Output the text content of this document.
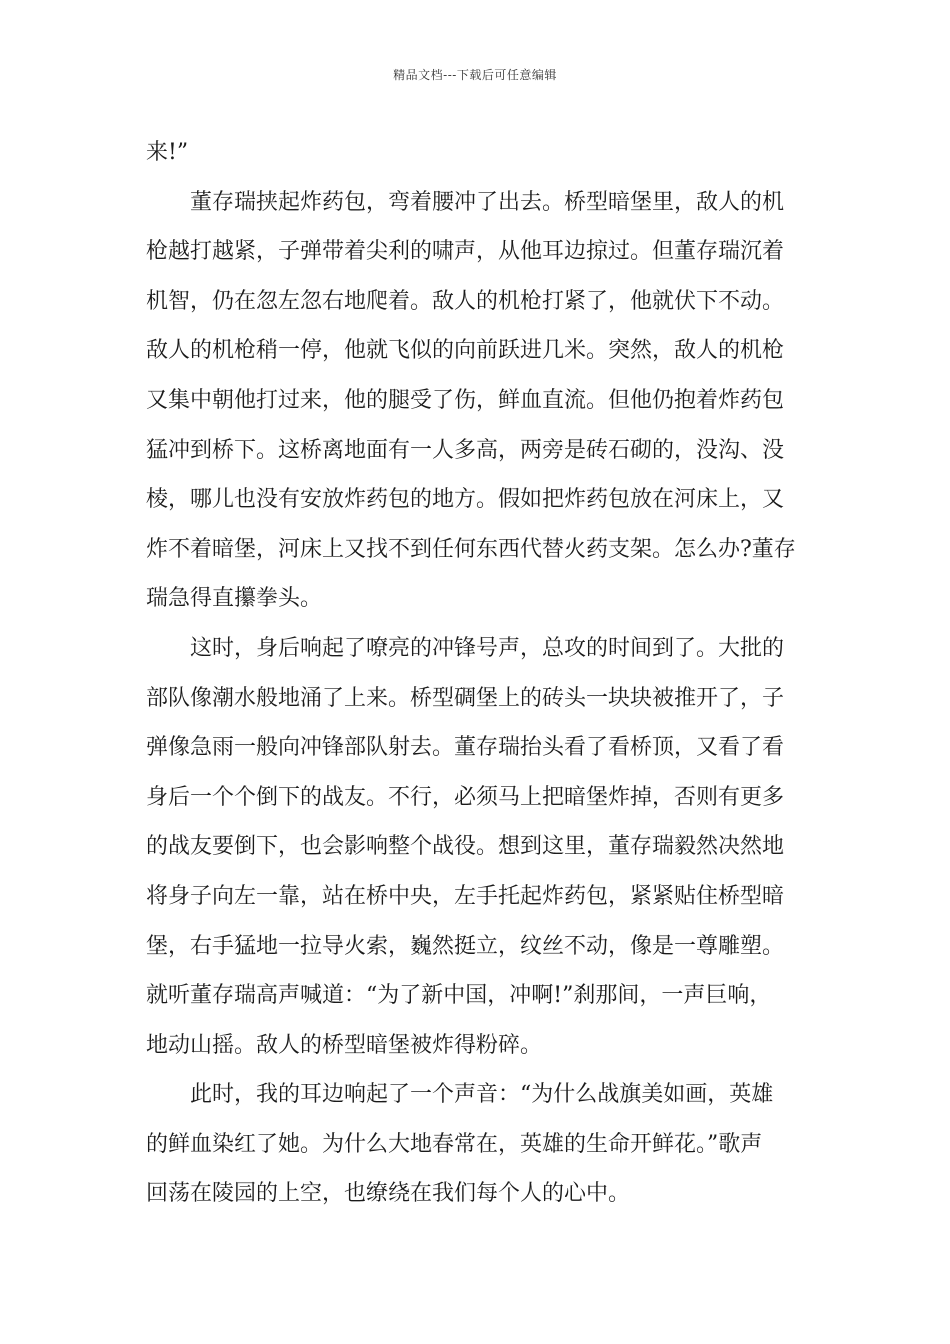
精品文档---下载后可任意编辑
来!”
董存瑞挟起炸药包，弯着腰冲了出去。桥型暗堡里，敌人的机
枪越打越紧，子弹带着尖利的啸声，从他耳边掠过。但董存瑞沉着
机智，仍在忽左忽右地爬着。敌人的机枪打紧了，他就伏下不动。
敌人的机枪稍一停，他就飞似的向前跃进几米。突然，敌人的机枪
又集中朝他打过来，他的腿受了伤，鲜血直流。但他仍抱着炸药包
猛冲到桥下。这桥离地面有一人多高，两旁是砖石砌的，没沟、没
棱，哪儿也没有安放炸药包的地方。假如把炸药包放在河床上，又
炸不着暗堡，河床上又找不到任何东西代替火药支架。怎么办?董存
瑞急得直攥拳头。
这时，身后响起了嘹亮的冲锋号声，总攻的时间到了。大批的
部队像潮水般地涌了上来。桥型碉堡上的砖头一块块被推开了，子
弹像急雨一般向冲锋部队射去。董存瑞抬头看了看桥顶，又看了看
身后一个个倒下的战友。不行，必须马上把暗堡炸掉，否则有更多
的战友要倒下，也会影响整个战役。想到这里，董存瑞毅然决然地
将身子向左一靠，站在桥中央，左手托起炸药包，紧紧贴住桥型暗
堡，右手猛地一拉导火索，巍然挺立，纹丝不动，像是一尊雕塑。
就听董存瑞高声喊道：“为了新中国，冲啊!”刹那间，一声巨响，
地动山摇。敌人的桥型暗堡被炸得粉碎。
此时，我的耳边响起了一个声音：“为什么战旗美如画，英雄
的鲜血染红了她。为什么大地春常在，英雄的生命开鲜花。”歌声
回荡在陵园的上空，也缭绕在我们每个人的心中。
